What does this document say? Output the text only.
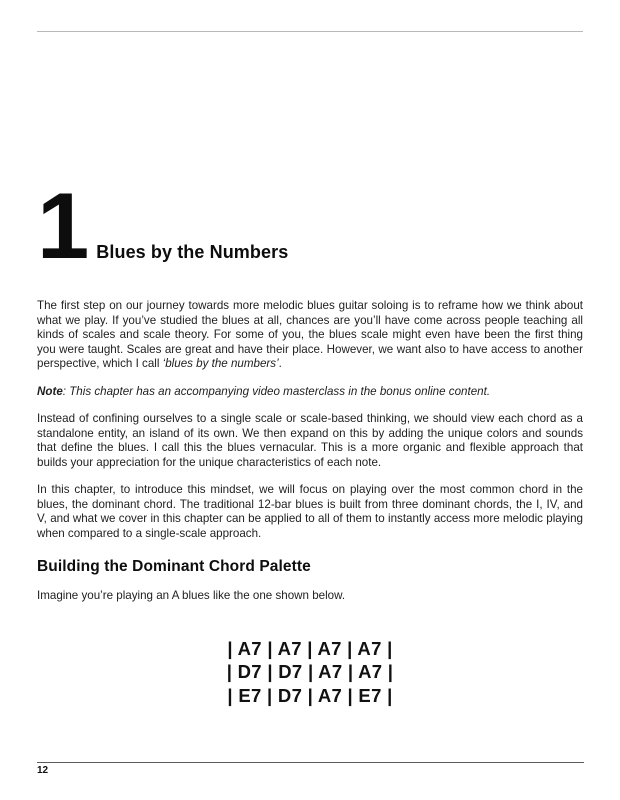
1 Blues by the Numbers

The first step on our journey towards more melodic blues guitar soloing is to reframe how we think about what we play. If you’ve studied the blues at all, chances are you’ll have come across people teaching all kinds of scales and scale theory. For some of you, the blues scale might even have been the first thing you were taught. Scales are great and have their place. However, we want also to have access to another perspective, which I call ‘blues by the numbers’.

Note: This chapter has an accompanying video masterclass in the bonus online content.

Instead of confining ourselves to a single scale or scale-based thinking, we should view each chord as a standalone entity, an island of its own. We then expand on this by adding the unique colors and sounds that define the blues. I call this the blues vernacular. This is a more organic and flexible approach that builds your appreciation for the unique characteristics of each note.

In this chapter, to introduce this mindset, we will focus on playing over the most common chord in the blues, the dominant chord. The traditional 12-bar blues is built from three dominant chords, the I, IV, and V, and what we cover in this chapter can be applied to all of them to instantly access more melodic playing when compared to a single-scale approach.

Building the Dominant Chord Palette

Imagine you’re playing an A blues like the one shown below.

| A7 | A7 | A7 | A7 |
| D7 | D7 | A7 | A7 |
| E7 | D7 | A7 | E7 |
12
